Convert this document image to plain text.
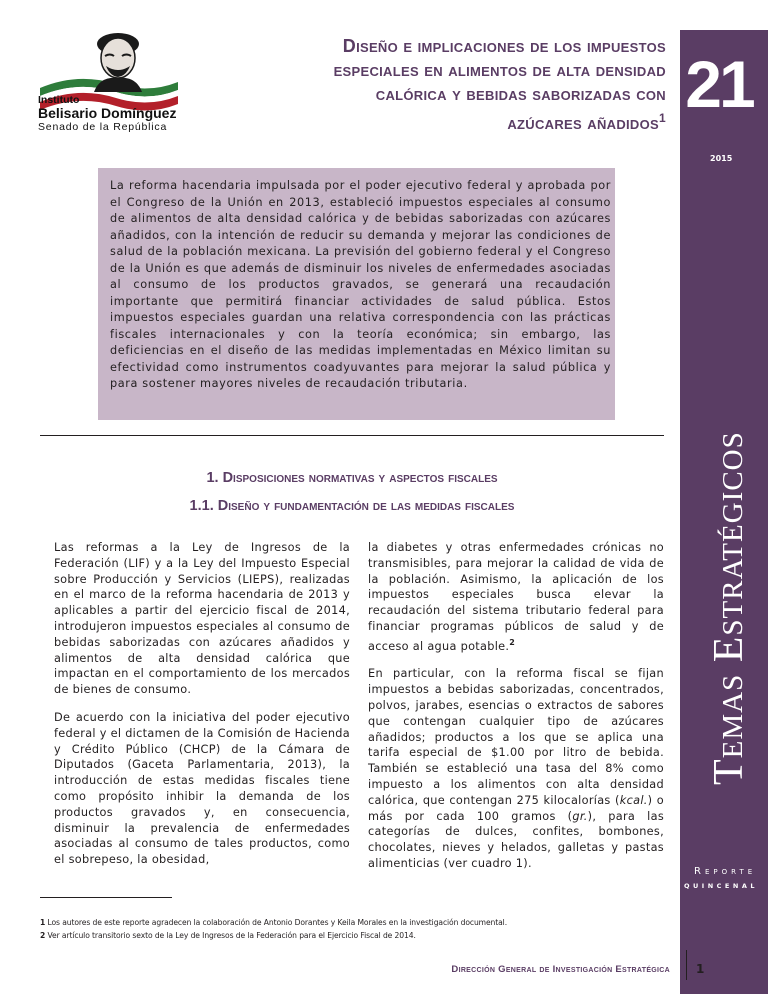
Instituto
Belisario Domínguez
Senado de la República
Diseño e implicaciones de los impuestos
especiales en alimentos de alta densidad
calórica y bebidas saborizadas con
azúcares añadidos$^1$ 21
2015
Temas Estratégicos
Reporte
QUINCENAL

La reforma hacendaria impulsada por el poder ejecutivo federal y aprobada por el Congreso de la Unión en 2013, estableció impuestos especiales al consumo de alimentos de alta densidad calórica y de bebidas saborizadas con azúcares añadidos, con la intención de reducir su demanda y mejorar las condiciones de salud de la población mexicana. La previsión del gobierno federal y el Congreso de la Unión es que además de disminuir los niveles de enfermedades asociadas al consumo de los productos gravados, se generará una recaudación importante que permitirá financiar actividades de salud pública. Estos impuestos especiales guardan una relativa correspondencia con las prácticas fiscales internacionales y con la teoría económica; sin embargo, las deficiencias en el diseño de las medidas implementadas en México limitan su efectividad como instrumentos coadyuvantes para mejorar la salud pública y para sostener mayores niveles de recaudación tributaria.

1. Disposiciones normativas y aspectos fiscales
1.1. Diseño y fundamentación de las medidas fiscales

Las reformas a la Ley de Ingresos de la Federación (LIF) y a la Ley del Impuesto Especial sobre Producción y Servicios (LIEPS), realizadas en el marco de la reforma hacendaria de 2013 y aplicables a partir del ejercicio fiscal de 2014, introdujeron impuestos especiales al consumo de bebidas saborizadas con azúcares añadidos y alimentos de alta densidad calórica que impactan en el comportamiento de los mercados de bienes de consumo.

De acuerdo con la iniciativa del poder ejecutivo federal y el dictamen de la Comisión de Hacienda y Crédito Público (CHCP) de la Cámara de Diputados (Gaceta Parlamentaria, 2013), la introducción de estas medidas fiscales tiene como propósito inhibir la demanda de los productos gravados y, en consecuencia, disminuir la prevalencia de enfermedades asociadas al consumo de tales productos, como el sobrepeso, la obesidad,

la diabetes y otras enfermedades crónicas no transmisibles, para mejorar la calidad de vida de la población. Asimismo, la aplicación de los impuestos especiales busca elevar la recaudación del sistema tributario federal para financiar programas públicos de salud y de acceso al agua potable.$^2$

En particular, con la reforma fiscal se fijan impuestos a bebidas saborizadas, concentrados, polvos, jarabes, esencias o extractos de sabores que contengan cualquier tipo de azúcares añadidos; productos a los que se aplica una tarifa especial de $1.00 por litro de bebida. También se estableció una tasa del 8% como impuesto a los alimentos con alta densidad calórica, que contengan 275 kilocalorías (kcal.) o más por cada 100 gramos (gr.), para las categorías de dulces, confites, bombones, chocolates, nieves y helados, galletas y pastas alimenticias (ver cuadro 1).

1 Los autores de este reporte agradecen la colaboración de Antonio Dorantes y Keila Morales en la investigación documental.
2 Ver artículo transitorio sexto de la Ley de Ingresos de la Federación para el Ejercicio Fiscal de 2014.
Dirección General de Investigación Estratégica 1
